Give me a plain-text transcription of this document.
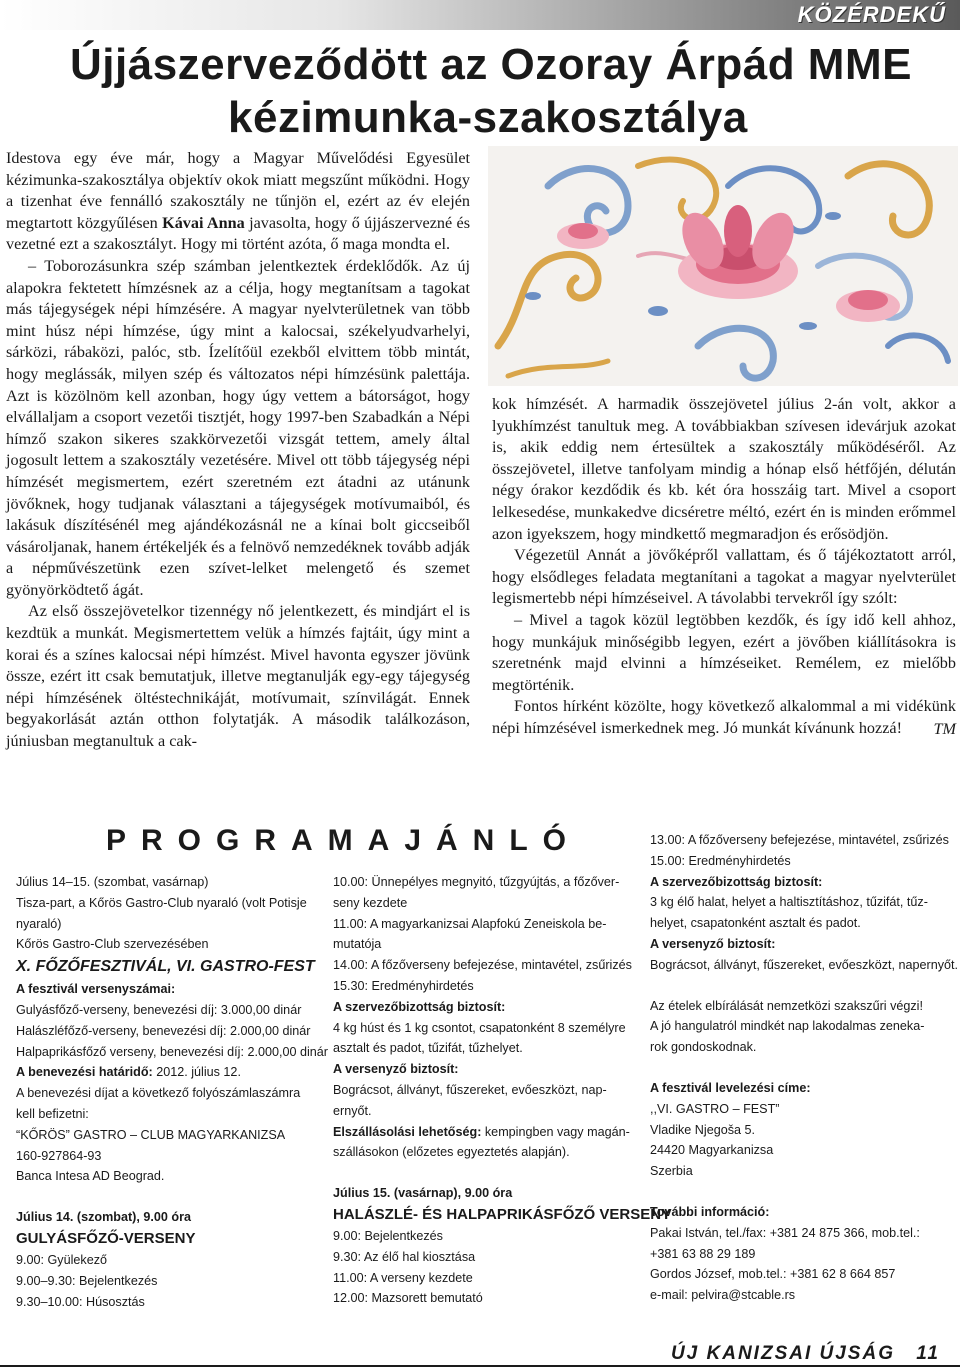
KÖZÉRDEKŰ
Újjászerveződött az Ozoray Árpád MME
kézimunka-szakosztálya

Idestova egy éve már, hogy a Magyar Művelődési Egyesület kézimunka-szakosztálya objektív okok miatt megszűnt működni. Hogy a tizenhat éve fennálló szakosztály ne tűnjön el, ezért az év elején megtartott közgyűlésen Kávai Anna javasolta, hogy ő újjászervezné és vezetné ezt a szakosztályt. Hogy mi történt azóta, ő maga mondta el.

– Toborozásunkra szép számban jelentkeztek érdeklődők. Az új alapokra fektetett hímzésnek az a célja, hogy megtanítsam a tagokat más tájegységek népi hímzésére. A magyar nyelvterületnek van több mint húsz népi hímzése, úgy mint a kalocsai, székelyudvarhelyi, sárközi, rábaközi, palóc, stb. Ízelítőül ezekből elvittem több mintát, hogy meglássák, milyen szép és változatos népi hímzésünk palettája. Azt is közölnöm kell azonban, hogy úgy vettem a bátorságot, hogy elvállaljam a csoport vezetői tisztjét, hogy 1997-ben Szabadkán a Népi hímző szakon sikeres szakkörvezetői vizsgát tettem, amely által jogosult lettem a szakosztály vezetésére. Mivel ott több tájegység népi hímzését megismertem, ezért szeretném ezt átadni az utánunk jövőknek, hogy tudjanak választani a tájegységek motívumaiból, és lakásuk díszítésénél meg ajándékozásnál ne a kínai bolt giccseiből vásároljanak, hanem értékeljék és a felnövő nemzedéknek tovább adják a népművészetünk ezen szívet-lelket melengető és szemet gyönyörködtető ágát.

Az első összejövetelkor tizennégy nő jelentkezett, és mindjárt el is kezdtük a munkát. Megismertettem velük a hímzés fajtáit, úgy mint a korai és a színes kalocsai népi hímzést. Mivel havonta egyszer jövünk össze, ezért itt csak bemutatjuk, illetve megtanulják egy-egy tájegység népi hímzésének öltéstechnikáját, motívumait, színvilágát. Ennek begyakorlását aztán otthon folytatják. A második találkozáson, júniusban megtanultuk a cak-

kok hímzését. A harmadik összejövetel július 2-án volt, akkor a lyukhímzést tanultuk meg. A továbbiakban szívesen idevárjuk azokat is, akik eddig nem értesültek a szakosztály működéséről. Az összejövetel, illetve tanfolyam mindig a hónap első hétfőjén, délután négy órakor kezdődik és kb. két óra hosszáig tart. Mivel a csoport lelkesedése, munkakedve dicséretre méltó, ezért én is minden erőmmel azon igyekszem, hogy mindkettő megmaradjon és erősödjön.

Végezetül Annát a jövőképről vallattam, és ő tájékoztatott arról, hogy elsődleges feladata megtanítani a tagokat a magyar nyelvterület legismertebb népi hímzéseivel. A távolabbi tervekről így szólt:

– Mivel a tagok közül legtöbben kezdők, és így idő kell ahhoz, hogy munkájuk minőségibb legyen, ezért a jövőben kiállításokra is szeretnénk majd elvinni a hímzéseiket. Remélem, ez mielőbb megtörténik.

Fontos hírként közölte, hogy következő alkalommal a mi vidékünk népi hímzésével ismerkednek meg. Jó munkát kívánunk hozzá!	TM

PROGRAMAJÁNLÓ
Július 14–15. (szombat, vasárnap)
Tisza-part, a Kőrös Gastro-Club nyaraló (volt Potisje
nyaraló)
Kőrös Gastro-Club szervezésében
X. FŐZŐFESZTIVÁL, VI. GASTRO-FEST
A fesztivál versenyszámai:
Gulyásfőző-verseny, benevezési díj: 3.000,00 dinár
Halászléfőző-verseny, benevezési díj: 2.000,00 dinár
Halpaprikásfőző verseny, benevezési díj: 2.000,00 dinár
A benevezési határidő: 2012. július 12.
A benevezési díjat a következő folyószámlaszámra
kell befizetni:
“KŐRÖS” GASTRO – CLUB MAGYARKANIZSA
160-927864-93
Banca Intesa AD Beograd.
Július 14. (szombat), 9.00 óra
GULYÁSFŐZŐ-VERSENY
9.00: Gyülekező
9.00–9.30: Bejelentkezés
9.30–10.00: Húsosztás
10.00: Ünnepélyes megnyitó, tűzgyújtás, a főzőver-
seny kezdete
11.00: A magyarkanizsai Alapfokú Zeneiskola be-
mutatója
14.00: A főzőverseny befejezése, mintavétel, zsűrizés
15.30: Eredményhirdetés
A szervezőbizottság biztosít:
4 kg húst és 1 kg csontot, csapatonként 8 személyre
asztalt és padot, tűzifát, tűzhelyet.
A versenyző biztosít:
Bográcsot, állványt, fűszereket, evőeszközt, nap-
ernyőt.
Elszállásolási lehetőség: kempingben vagy magán-
szállásokon (előzetes egyeztetés alapján).
Július 15. (vasárnap), 9.00 óra
HALÁSZLÉ- ÉS HALPAPRIKÁSFŐZŐ VERSENY
9.00: Bejelentkezés
9.30: Az élő hal kiosztása
11.00: A verseny kezdete
12.00: Mazsorett bemutató
13.00: A főzőverseny befejezése, mintavétel, zsűrizés
15.00: Eredményhirdetés
A szervezőbizottság biztosít:
3 kg élő halat, helyet a haltisztításhoz, tűzifát, tűz-
helyet, csapatonként asztalt és padot.
A versenyző biztosít:
Bográcsot, állványt, fűszereket, evőeszközt, napernyőt.
Az ételek elbírálását nemzetközi szakszűri végzi!
A jó hangulatról mindkét nap lakodalmas zeneka-
rok gondoskodnak.
A fesztivál levelezési címe:
,,VI. GASTRO – FEST”
Vladike Njegoša 5.
24420 Magyarkanizsa
Szerbia
További információ:
Pakai István, tel./fax: +381 24 875 366, mob.tel.:
+381 63 88 29 189
Gordos József, mob.tel.: +381 62 8 664 857
e-mail: pelvira@stcable.rs
ÚJ KANIZSAI ÚJSÁG 11
